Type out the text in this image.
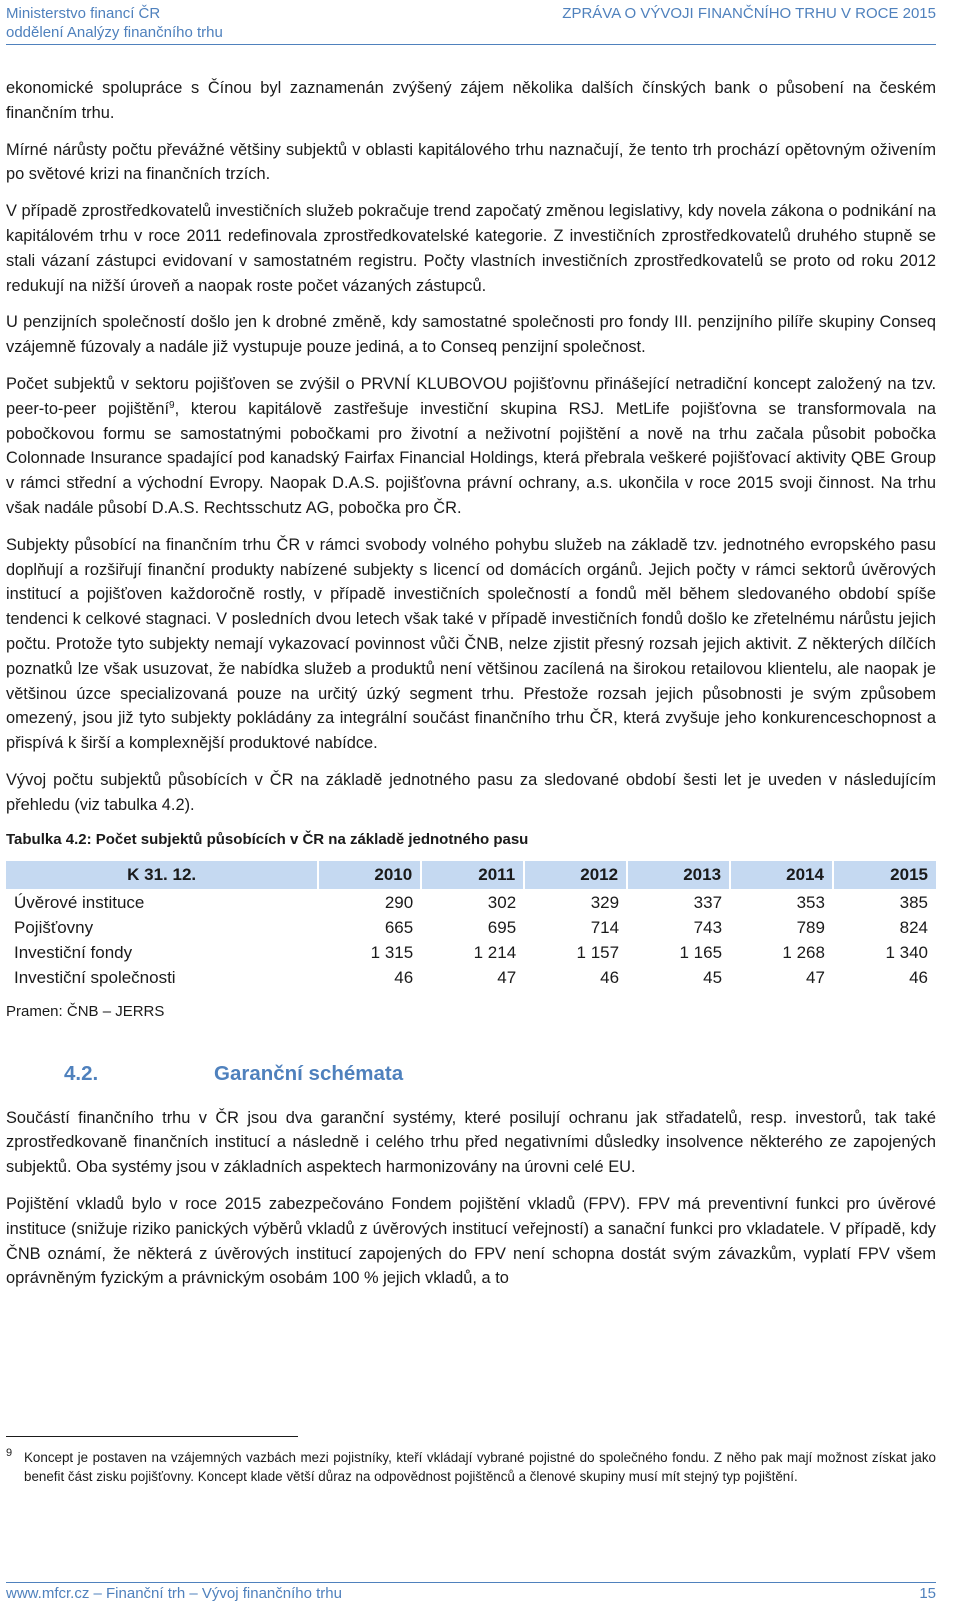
Ministerstvo financí ČR
oddělení Analýzy finančního trhu
ZPRÁVA O VÝVOJI FINANČNÍHO TRHU V ROCE 2015

ekonomické spolupráce s Čínou byl zaznamenán zvýšený zájem několika dalších čínských bank o působení na českém finančním trhu.

Mírné nárůsty počtu převážné většiny subjektů v oblasti kapitálového trhu naznačují, že tento trh prochází opětovným oživením po světové krizi na finančních trzích.

V případě zprostředkovatelů investičních služeb pokračuje trend započatý změnou legislativy, kdy novela zákona o podnikání na kapitálovém trhu v roce 2011 redefinovala zprostředkovatelské kategorie. Z investičních zprostředkovatelů druhého stupně se stali vázaní zástupci evidovaní v samostatném registru. Počty vlastních investičních zprostředkovatelů se proto od roku 2012 redukují na nižší úroveň a naopak roste počet vázaných zástupců.

U penzijních společností došlo jen k drobné změně, kdy samostatné společnosti pro fondy III. penzijního pilíře skupiny Conseq vzájemně fúzovaly a nadále již vystupuje pouze jediná, a to Conseq penzijní společnost.

Počet subjektů v sektoru pojišťoven se zvýšil o PRVNÍ KLUBOVOU pojišťovnu přinášející netradiční koncept založený na tzv. peer-to-peer pojištění$^9$, kterou kapitálově zastřešuje investiční skupina RSJ. MetLife pojišťovna se transformovala na pobočkovou formu se samostatnými pobočkami pro životní a neživotní pojištění a nově na trhu začala působit pobočka Colonnade Insurance spadající pod kanadský Fairfax Financial Holdings, která přebrala veškeré pojišťovací aktivity QBE Group v rámci střední a východní Evropy. Naopak D.A.S. pojišťovna právní ochrany, a.s. ukončila v roce 2015 svoji činnost. Na trhu však nadále působí D.A.S. Rechtsschutz AG, pobočka pro ČR.

Subjekty působící na finančním trhu ČR v rámci svobody volného pohybu služeb na základě tzv. jednotného evropského pasu doplňují a rozšiřují finanční produkty nabízené subjekty s licencí od domácích orgánů. Jejich počty v rámci sektorů úvěrových institucí a pojišťoven každoročně rostly, v případě investičních společností a fondů měl během sledovaného období spíše tendenci k celkové stagnaci. V posledních dvou letech však také v případě investičních fondů došlo ke zřetelnému nárůstu jejich počtu. Protože tyto subjekty nemají vykazovací povinnost vůči ČNB, nelze zjistit přesný rozsah jejich aktivit. Z některých dílčích poznatků lze však usuzovat, že nabídka služeb a produktů není většinou zacílená na širokou retailovou klientelu, ale naopak je většinou úzce specializovaná pouze na určitý úzký segment trhu. Přestože rozsah jejich působnosti je svým způsobem omezený, jsou již tyto subjekty pokládány za integrální součást finančního trhu ČR, která zvyšuje jeho konkurenceschopnost a přispívá k širší a komplexnější produktové nabídce.

Vývoj počtu subjektů působících v ČR na základě jednotného pasu za sledované období šesti let je uveden v následujícím přehledu (viz tabulka 4.2).

Tabulka 4.2: Počet subjektů působících v ČR na základě jednotného pasu
K 31. 12.	2010	2011	2012	2013	2014	2015
Úvěrové instituce	290	302	329	337	353	385
Pojišťovny	665	695	714	743	789	824
Investiční fondy	1 315	1 214	1 157	1 165	1 268	1 340
Investiční společnosti	46	47	46	45	47	46
Pramen: ČNB – JERRS
4.2.	Garanční schémata

Součástí finančního trhu v ČR jsou dva garanční systémy, které posilují ochranu jak střadatelů, resp. investorů, tak také zprostředkovaně finančních institucí a následně i celého trhu před negativními důsledky insolvence některého ze zapojených subjektů. Oba systémy jsou v základních aspektech harmonizovány na úrovni celé EU.

Pojištění vkladů bylo v roce 2015 zabezpečováno Fondem pojištění vkladů (FPV). FPV má preventivní funkci pro úvěrové instituce (snižuje riziko panických výběrů vkladů z úvěrových institucí veřejností) a sanační funkci pro vkladatele. V případě, kdy ČNB oznámí, že některá z úvěrových institucí zapojených do FPV není schopna dostát svým závazkům, vyplatí FPV všem oprávněným fyzickým a právnickým osobám 100 % jejich vkladů, a to

9 Koncept je postaven na vzájemných vazbách mezi pojistníky, kteří vkládají vybrané pojistné do společného fondu. Z něho pak mají možnost získat jako benefit část zisku pojišťovny. Koncept klade větší důraz na odpovědnost pojištěnců a členové skupiny musí mít stejný typ pojištění.
www.mfcr.cz – Finanční trh – Vývoj finančního trhu	15
